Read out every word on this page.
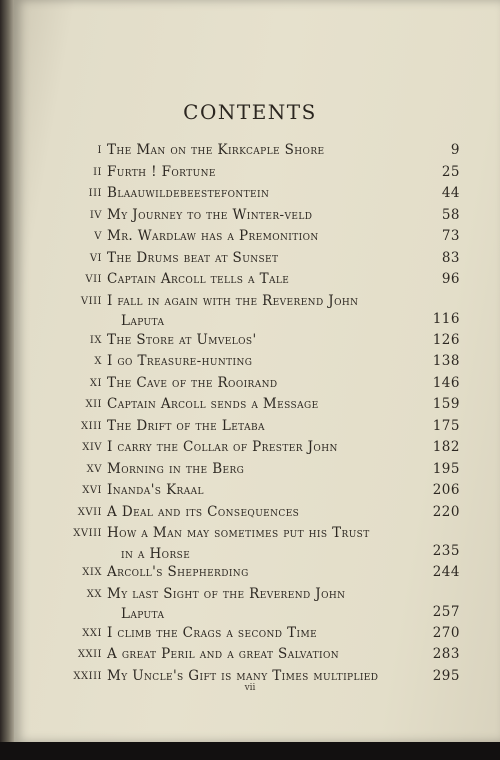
CONTENTS
I The Man on the Kirkcaple Shore	9
II Furth ! Fortune	25
III Blaauwildebeestefontein	44
IV My Journey to the Winter-veld	58
V Mr. Wardlaw has a Premonition	73
VI The Drums beat at Sunset	83
VII Captain Arcoll tells a Tale	96
VIII I fall in again with the Reverend John
Laputa	116
IX The Store at Umvelos'	126
X I go Treasure-hunting	138
XI The Cave of the Rooirand	146
XII Captain Arcoll sends a Message	159
XIII The Drift of the Letaba	175
XIV I carry the Collar of Prester John	182
XV Morning in the Berg	195
XVI Inanda's Kraal	206
XVII A Deal and its Consequences	220
XVIII How a Man may sometimes put his Trust
in a Horse	235
XIX Arcoll's Shepherding	244
XX My last Sight of the Reverend John
Laputa	257
XXI I climb the Crags a second Time	270
XXII A great Peril and a great Salvation	283
XXIII My Uncle's Gift is many Times multiplied	295
vii
